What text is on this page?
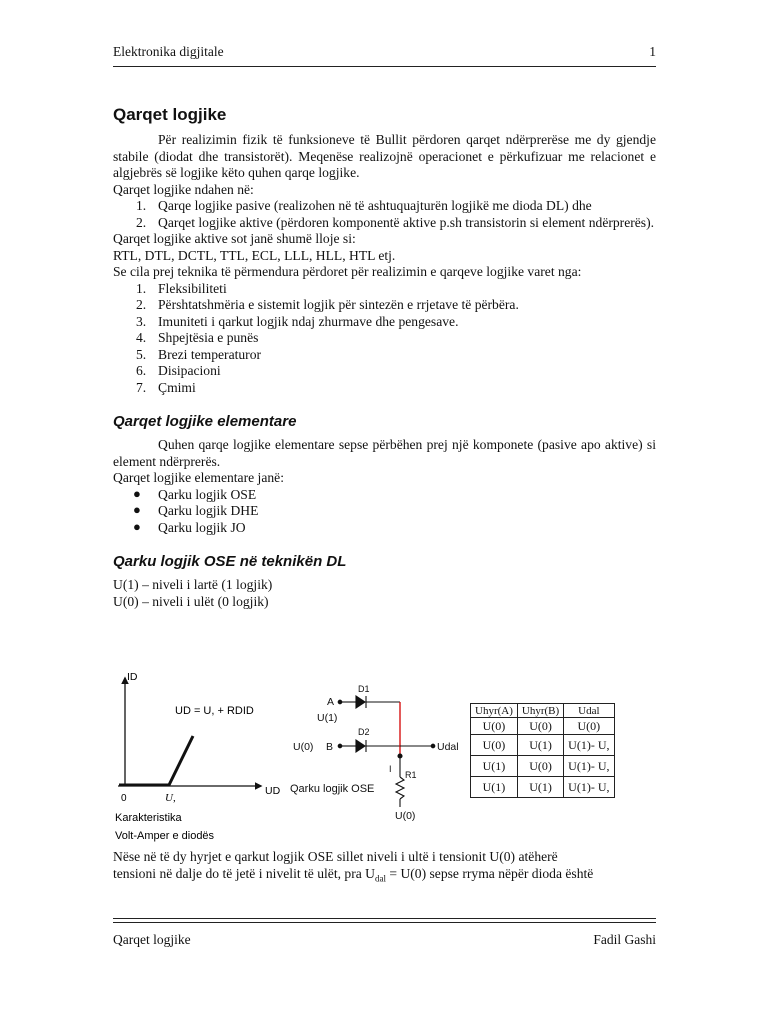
Elektronika digjitale	1
Qarqet logjike

Për realizimin fizik të funksioneve të Bullit përdoren qarqet ndërprerëse me dy gjendje stabile (diodat dhe transistorët). Meqenëse realizojnë operacionet e përkufizuar me relacionet e algjebrës së logjike këto quhen qarqe logjike.

Qarqet logjike ndahen në:

1. Qarqe logjike pasive (realizohen në të ashtuquajturën logjikë me dioda DL) dhe
2. Qarqet logjike aktive (përdoren komponentë aktive p.sh transistorin si element ndërprerës).

Qarqet logjike aktive sot janë shumë lloje si:

RTL, DTL, DCTL, TTL, ECL, LLL, HLL, HTL etj.

Se cila prej teknika të përmendura përdoret për realizimin e qarqeve logjike varet nga:

1. Fleksibiliteti
2. Përshtatshmëria e sistemit logjik për sintezën e rrjetave të përbëra.
3. Imuniteti i qarkut logjik ndaj zhurmave dhe pengesave.
4. Shpejtësia e punës
5. Brezi temperaturor
6. Disipacioni
7. Çmimi
Qarqet logjike elementare

Quhen qarqe logjike elementare sepse përbëhen prej një komponete (pasive apo aktive) si element ndërprerës.

Qarqet logjike elementare janë:

● Qarku logjik OSE
● Qarku logjik DHE
● Qarku logjik JO
Qarku logjik OSE në teknikën DL

U(1) – niveli i lartë (1 logjik)

U(0) – niveli i ulët (0 logjik)

ID
UD
0	U,
UD = U, + RDID
Karakteristika
Volt-Amper e diodës
A
D1
U(1)
B
D2
U(0)	Udal
R1
I
U(0)
Qarku logjik OSE
Uhyr(A)	Uhyr(B)	Udal
U(0)	U(0)	U(0)
U(0)	U(1)	U(1)- U,
U(1)	U(0)	U(1)- U,
U(1)	U(1)	U(1)- U,

Nëse në të dy hyrjet e qarkut logjik OSE sillet niveli i ultë i tensionit U(0) atëherë

tensioni në dalje do të jetë i nivelit të ulët, pra $U_{dal} = U(0)$ sepse rryma nëpër dioda është

Qarqet logjike	Fadil Gashi
